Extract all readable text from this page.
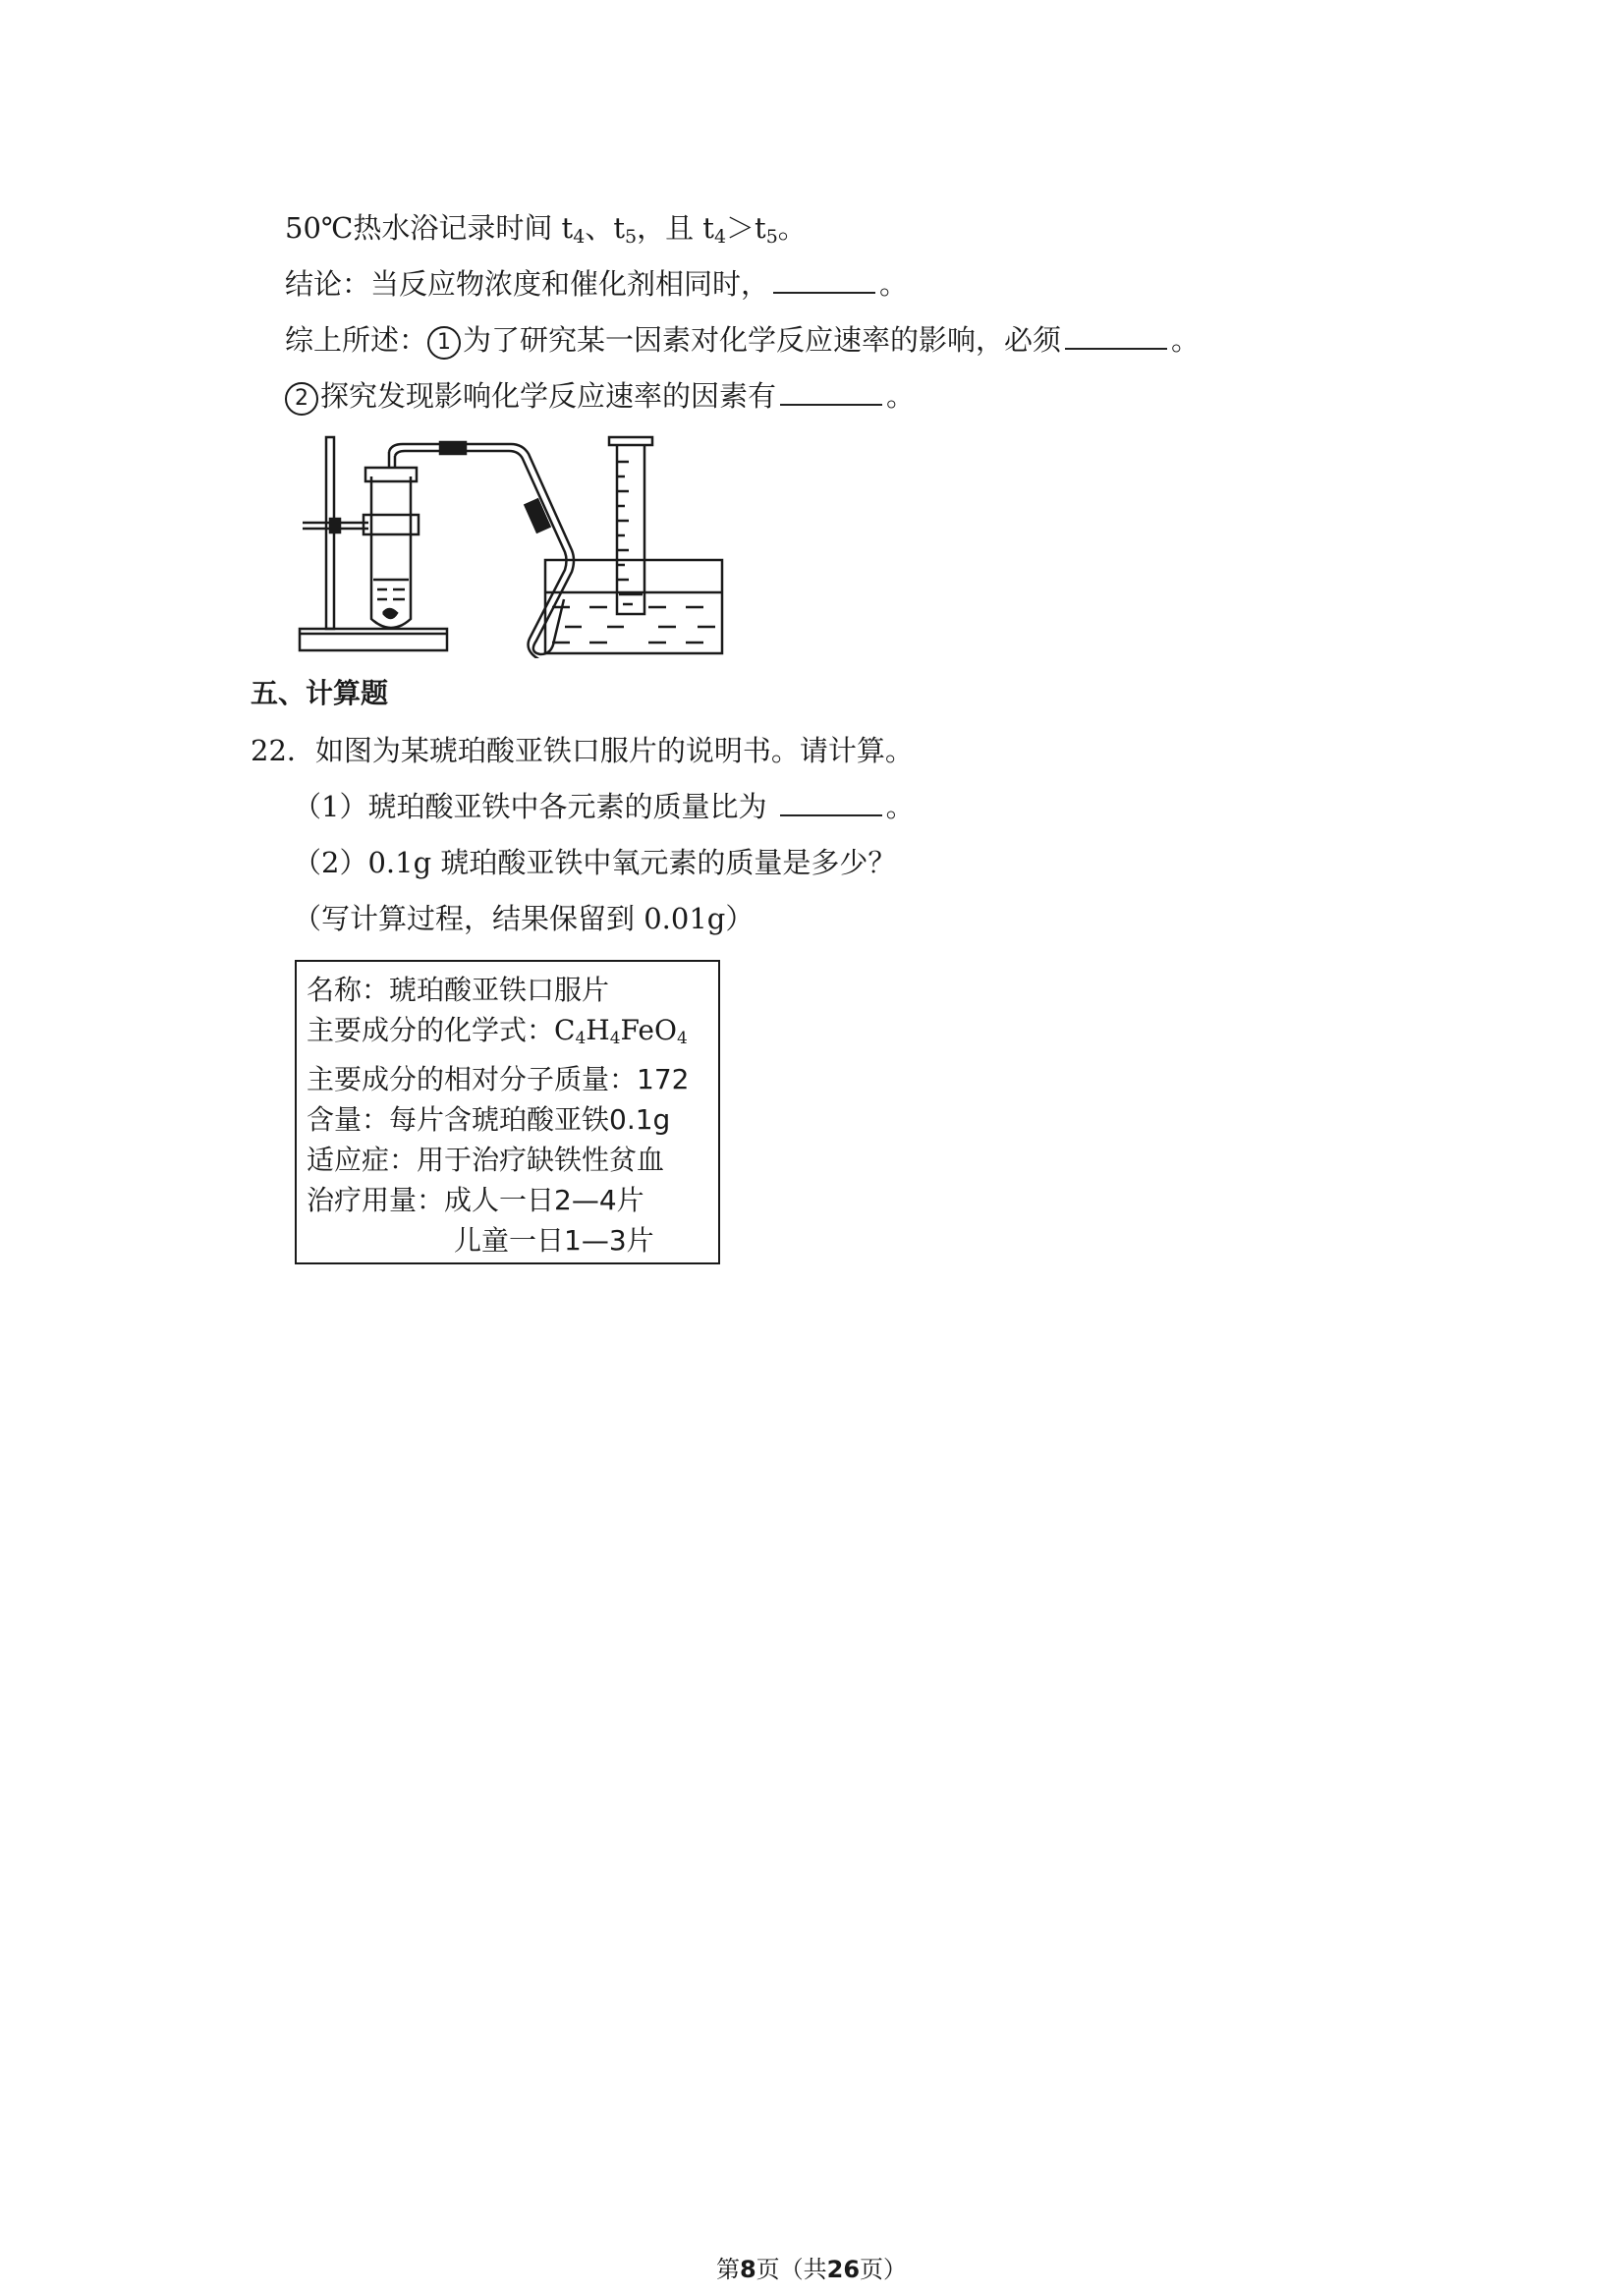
50℃热水浴记录时间 $t_4$、$t_5$，且 $t_4>t_5$。
结论：当反应物浓度和催化剂相同时，	。
综上所述： 1 为了研究某一因素对化学反应速率的影响，必须	。
2 探究发现影响化学反应速率的因素有	。
五、计算题
22．如图为某琥珀酸亚铁口服片的说明书。请计算。
（1）琥珀酸亚铁中各元素的质量比为	。
（2）0.1g 琥珀酸亚铁中氧元素的质量是多少？
（写计算过程，结果保留到 0.01g）
名称：琥珀酸亚铁口服片
主要成分的化学式：$C_4H_4FeO_4$
主要成分的相对分子质量：172
含量：每片含琥珀酸亚铁0.1g
适应症：用于治疗缺铁性贫血
治疗用量：成人一日2—4片
儿童一日1—3片
第8页（共26页）
